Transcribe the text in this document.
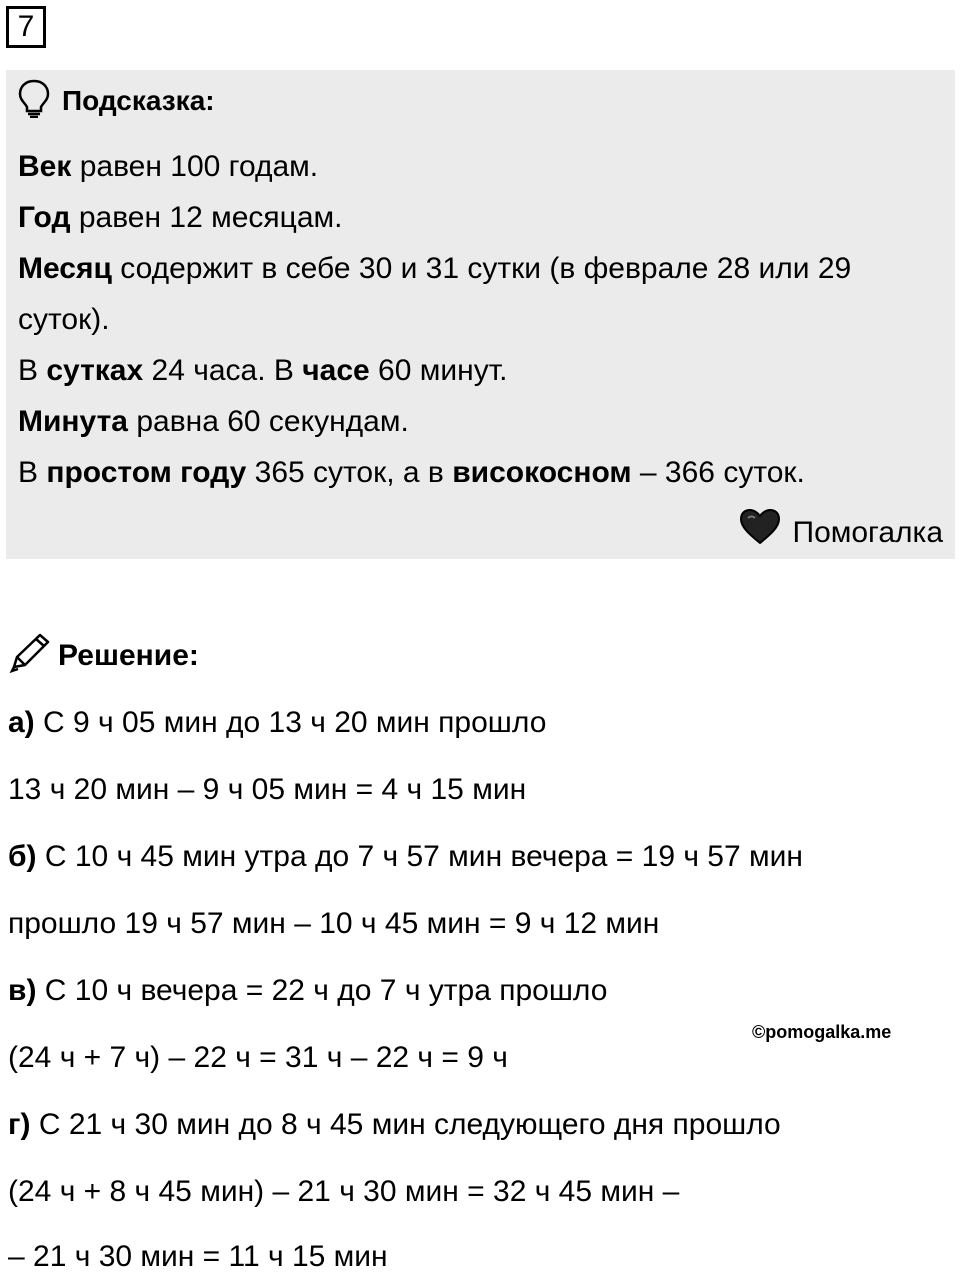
7
Подсказка:
Век равен 100 годам.
Год равен 12 месяцам.
Месяц содержит в себе 30 и 31 сутки (в феврале 28 или 29
суток).
В сутках 24 часа. В часе 60 минут.
Минута равна 60 секундам.
В простом году 365 суток, а в високосном – 366 суток.
Помогалка
Решение:
а) С 9 ч 05 мин до 13 ч 20 мин прошло
13 ч 20 мин – 9 ч 05 мин = 4 ч 15 мин
б) С 10 ч 45 мин утра до 7 ч 57 мин вечера = 19 ч 57 мин
прошло 19 ч 57 мин – 10 ч 45 мин = 9 ч 12 мин
в) С 10 ч вечера = 22 ч до 7 ч утра прошло
(24 ч + 7 ч) – 22 ч = 31 ч – 22 ч = 9 ч
г) С 21 ч 30 мин до 8 ч 45 мин следующего дня прошло
(24 ч + 8 ч 45 мин) – 21 ч 30 мин = 32 ч 45 мин –
– 21 ч 30 мин = 11 ч 15 мин
©pomogalka.me
